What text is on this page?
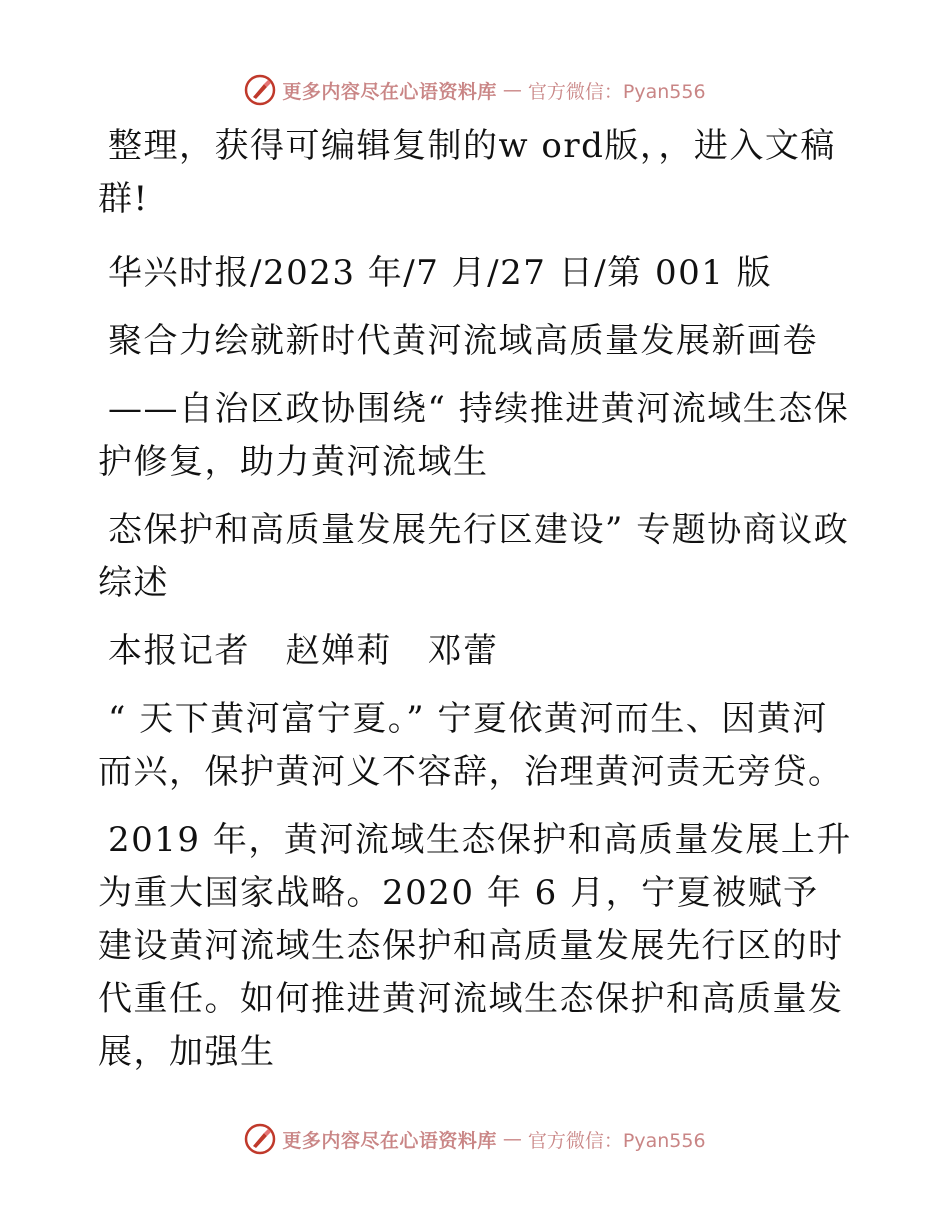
更多内容尽在心语资料库 — 官方微信：Pyan556

整理，获得可编辑复制的w ord版，，进入文稿群!

华兴时报/2023 年/7 月/27 日/第 001 版

聚合力绘就新时代黄河流域高质量发展新画卷

——自治区政协围绕“ 持续推进黄河流域生态保护修复，助力黄河流域生

态保护和高质量发展先行区建设” 专题协商议政综述

本报记者　赵婵莉　邓蕾

“ 天下黄河富宁夏。” 宁夏依黄河而生、因黄河而兴，保护黄河义不容辞，治理黄河责无旁贷。

2019 年，黄河流域生态保护和高质量发展上升为重大国家战略。2020 年 6 月，宁夏被赋予建设黄河流域生态保护和高质量发展先行区的时代重任。如何推进黄河流域生态保护和高质量发展，加强生

更多内容尽在心语资料库 — 官方微信：Pyan556
